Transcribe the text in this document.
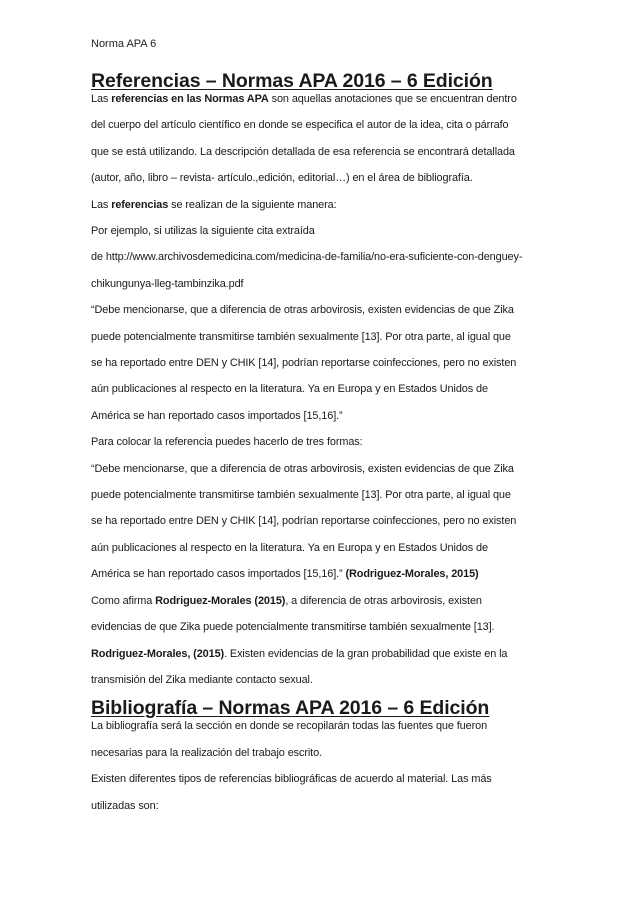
Norma APA 6
Referencias – Normas APA 2016 – 6 Edición

Las referencias en las Normas APA son aquellas anotaciones que se encuentran dentro

del cuerpo del artículo científico en donde se especifica el autor de la idea, cita o párrafo

que se está utilizando. La descripción detallada de esa referencia se encontrará detallada

(autor, año, libro – revista- artículo.,edición, editorial…) en el área de bibliografía.

Las referencias se realizan de la siguiente manera:

Por ejemplo, si utilizas la siguiente cita extraída

de http://www.archivosdemedicina.com/medicina-de-familia/no-era-suficiente-con-denguey-

chikungunya-lleg-tambinzika.pdf

“Debe mencionarse, que a diferencia de otras arbovirosis, existen evidencias de que Zika

puede potencialmente transmitirse también sexualmente [13]. Por otra parte, al igual que

se ha reportado entre DEN y CHIK [14], podrían reportarse coinfecciones, pero no existen

aún publicaciones al respecto en la literatura. Ya en Europa y en Estados Unidos de

América se han reportado casos importados [15,16].”

Para colocar la referencia puedes hacerlo de tres formas:

“Debe mencionarse, que a diferencia de otras arbovirosis, existen evidencias de que Zika

puede potencialmente transmitirse también sexualmente [13]. Por otra parte, al igual que

se ha reportado entre DEN y CHIK [14], podrían reportarse coinfecciones, pero no existen

aún publicaciones al respecto en la literatura. Ya en Europa y en Estados Unidos de

América se han reportado casos importados [15,16].” (Rodriguez-Morales, 2015)

Como afirma Rodriguez-Morales (2015), a diferencia de otras arbovirosis, existen

evidencias de que Zika puede potencialmente transmitirse también sexualmente [13].

Rodriguez-Morales, (2015). Existen evidencias de la gran probabilidad que existe en la

transmisión del Zika mediante contacto sexual.

Bibliografía – Normas APA 2016 – 6 Edición

La bibliografía será la sección en donde se recopilarán todas las fuentes que fueron

necesarias para la realización del trabajo escrito.

Existen diferentes tipos de referencias bibliográficas de acuerdo al material. Las más

utilizadas son:
